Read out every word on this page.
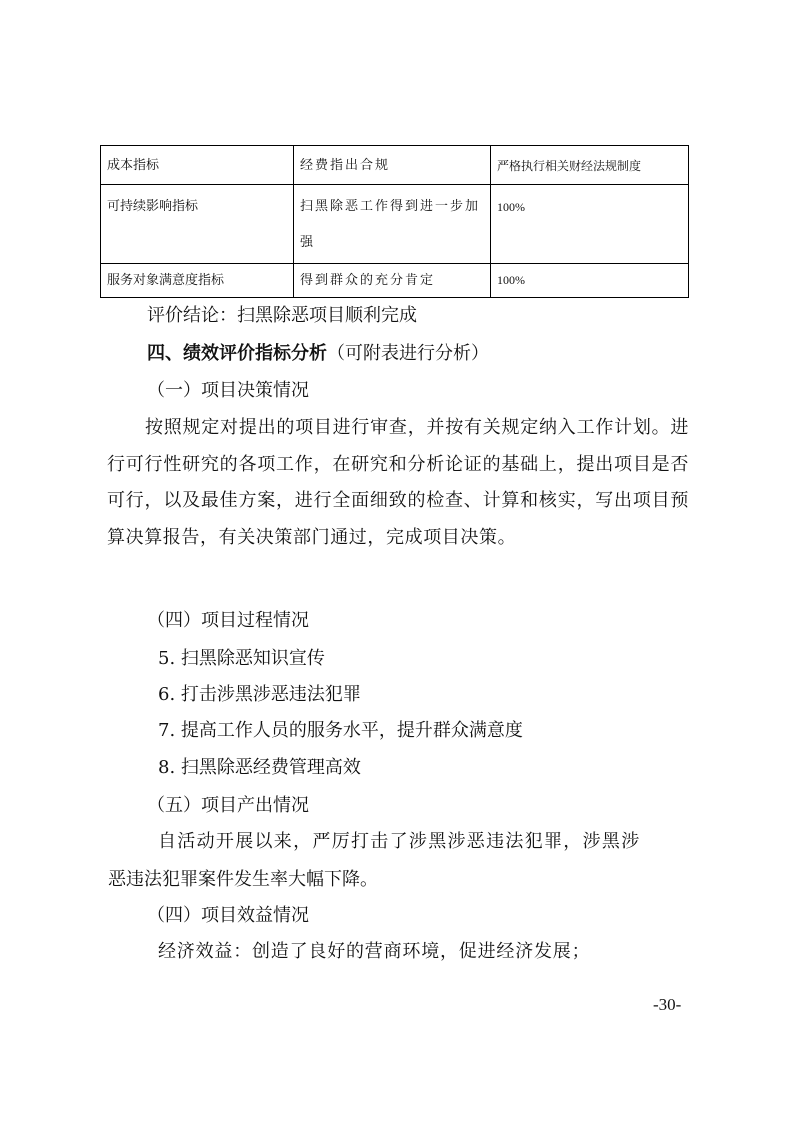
成本指标	经费指出合规	严格执行相关财经法规制度
可持续影响指标	扫黑除恶工作得到进一步加强	100%
服务对象满意度指标	得到群众的充分肯定	100%
评价结论：扫黑除恶项目顺利完成
四、绩效评价指标分析（可附表进行分析）
（一）项目决策情况
按照规定对提出的项目进行审查，并按有关规定纳入工作计划。进行可行性研究的各项工作，在研究和分析论证的基础上，提出项目是否可行，以及最佳方案，进行全面细致的检查、计算和核实，写出项目预算决算报告，有关决策部门通过，完成项目决策。
（四）项目过程情况
5. 扫黑除恶知识宣传
6. 打击涉黑涉恶违法犯罪
7. 提高工作人员的服务水平，提升群众满意度
8. 扫黑除恶经费管理高效
（五）项目产出情况
自活动开展以来，严厉打击了涉黑涉恶违法犯罪，涉黑涉
恶违法犯罪案件发生率大幅下降。
（四）项目效益情况
经济效益：创造了良好的营商环境，促进经济发展；
-30-
